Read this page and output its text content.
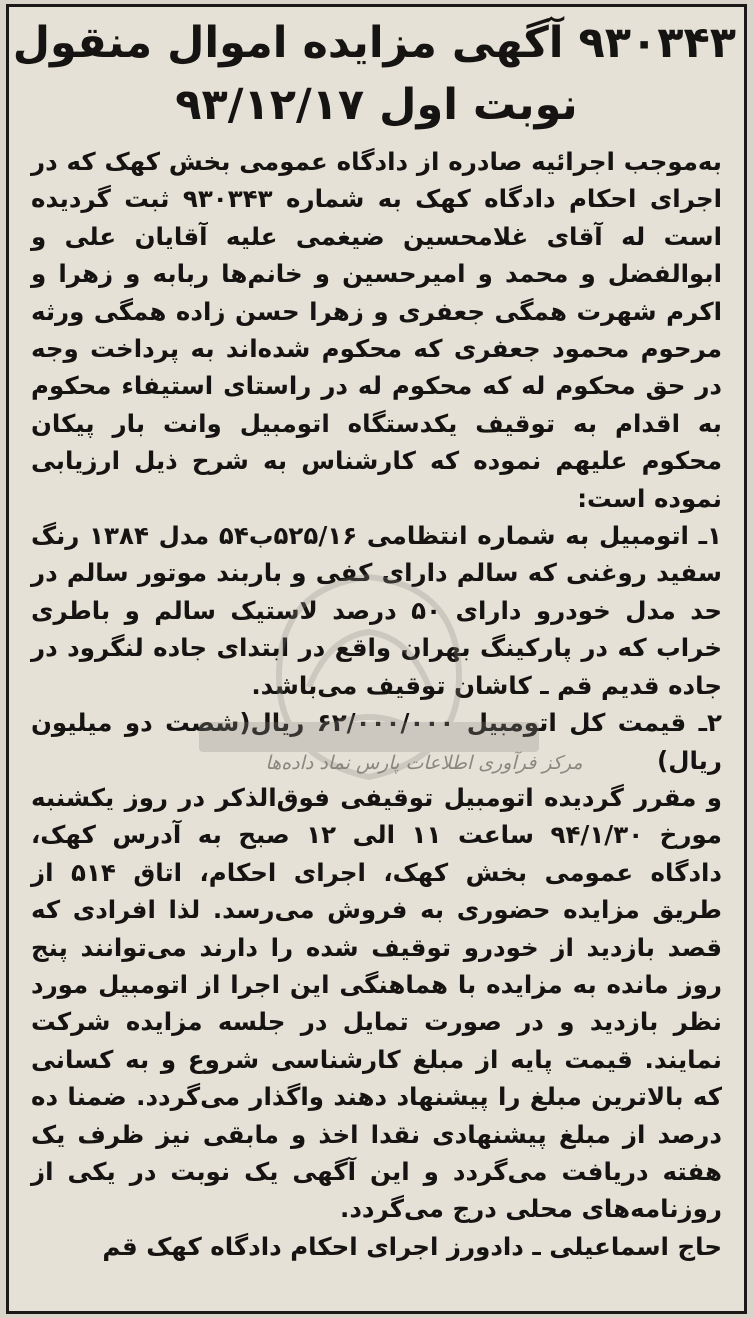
۹۳۰۳۴۳ آگهی مزایده اموال منقول
نوبت اول ۹۳/۱۲/۱۷

به‌موجب اجرائیه صادره از دادگاه عمومی بخش کهک که در اجرای احکام دادگاه کهک به شماره ۹۳۰۳۴۳ ثبت گردیده است له آقای غلامحسین ضیغمی علیه آقایان علی و ابوالفضل و محمد و امیرحسین و خانم‌ها ربابه و زهرا و اکرم شهرت همگی جعفری و زهرا حسن زاده همگی ورثه مرحوم محمود جعفری که محکوم شده‌اند به پرداخت وجه در حق محکوم له که محکوم له در راستای استیفاء محکوم به اقدام به توقیف یکدستگاه اتومبیل وانت بار پیکان محکوم علیهم نموده که کارشناس به شرح ذیل ارزیابی نموده است:

۱ـ اتومبیل به شماره انتظامی ۵۲۵/۱۶ب۵۴ مدل ۱۳۸۴ رنگ سفید روغنی که سالم دارای کفی و باربند موتور سالم در حد مدل خودرو دارای ۵۰ درصد لاستیک سالم و باطری خراب که در پارکینگ بهران واقع در ابتدای جاده لنگرود در جاده قدیم قم ـ کاشان توقیف می‌باشد.

۲ـ قیمت کل اتومبیل ۶۲/۰۰۰/۰۰۰ ریال(شصت دو میلیون ریال)

و مقرر گردیده اتومبیل توقیفی فوق‌الذکر در روز یکشنبه مورخ ۹۴/۱/۳۰ ساعت ۱۱ الی ۱۲ صبح به آدرس کهک، دادگاه عمومی بخش کهک، اجرای احکام، اتاق ۵۱۴ از طریق مزایده حضوری به فروش می‌رسد. لذا افرادی که قصد بازدید از خودرو توقیف شده را دارند می‌توانند پنج روز مانده به مزایده با هماهنگی این اجرا از اتومبیل مورد نظر بازدید و در صورت تمایل در جلسه مزایده شرکت نمایند. قیمت پایه از مبلغ کارشناسی شروع و به کسانی که بالاترین مبلغ را پیشنهاد دهند واگذار می‌گردد. ضمنا ده درصد از مبلغ پیشنهادی نقدا اخذ و مابقی نیز ظرف یک هفته دریافت می‌گردد و این آگهی یک نوبت در یکی از روزنامه‌های محلی درج می‌گردد.

حاج اسماعیلی ـ دادورز اجرای احکام دادگاه کهک قم
مرکز فرآوری اطلاعات پارس نماد داده‌ها
